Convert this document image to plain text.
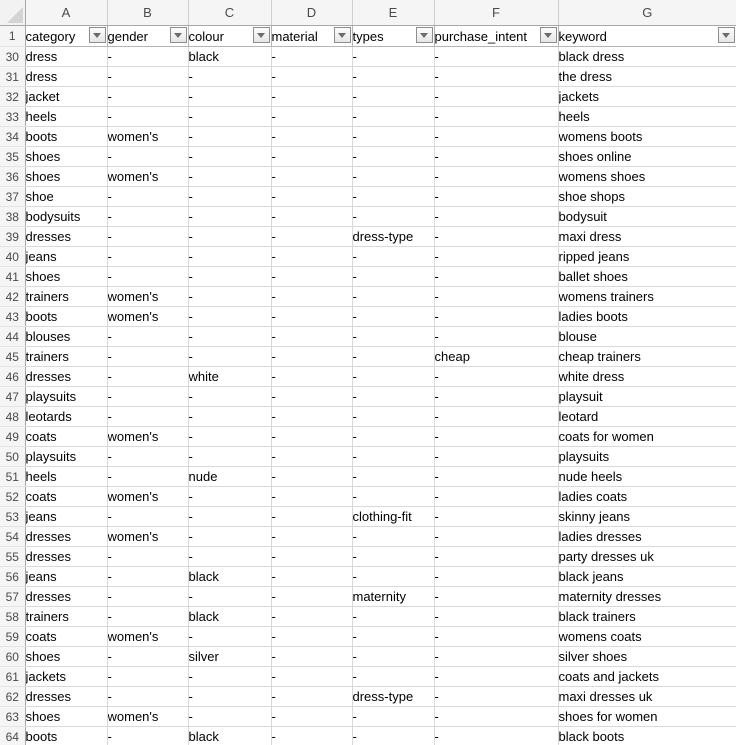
	A	B	C	D	E	F	G
1	category	gender	colour	material	types	purchase_intent	keyword

30	dress	-	black	-	-	-	black dress
31	dress	-	-	-	-	-	the dress
32	jacket	-	-	-	-	-	jackets
33	heels	-	-	-	-	-	heels
34	boots	women's	-	-	-	-	womens boots
35	shoes	-	-	-	-	-	shoes online
36	shoes	women's	-	-	-	-	womens shoes
37	shoe	-	-	-	-	-	shoe shops
38	bodysuits	-	-	-	-	-	bodysuit
39	dresses	-	-	-	dress-type	-	maxi dress
40	jeans	-	-	-	-	-	ripped jeans
41	shoes	-	-	-	-	-	ballet shoes
42	trainers	women's	-	-	-	-	womens trainers
43	boots	women's	-	-	-	-	ladies boots
44	blouses	-	-	-	-	-	blouse
45	trainers	-	-	-	-	cheap	cheap trainers
46	dresses	-	white	-	-	-	white dress
47	playsuits	-	-	-	-	-	playsuit
48	leotards	-	-	-	-	-	leotard
49	coats	women's	-	-	-	-	coats for women
50	playsuits	-	-	-	-	-	playsuits
51	heels	-	nude	-	-	-	nude heels
52	coats	women's	-	-	-	-	ladies coats
53	jeans	-	-	-	clothing-fit	-	skinny jeans
54	dresses	women's	-	-	-	-	ladies dresses
55	dresses	-	-	-	-	-	party dresses uk
56	jeans	-	black	-	-	-	black jeans
57	dresses	-	-	-	maternity	-	maternity dresses
58	trainers	-	black	-	-	-	black trainers
59	coats	women's	-	-	-	-	womens coats
60	shoes	-	silver	-	-	-	silver shoes
61	jackets	-	-	-	-	-	coats and jackets
62	dresses	-	-	-	dress-type	-	maxi dresses uk
63	shoes	women's	-	-	-	-	shoes for women
64	boots	-	black	-	-	-	black boots
